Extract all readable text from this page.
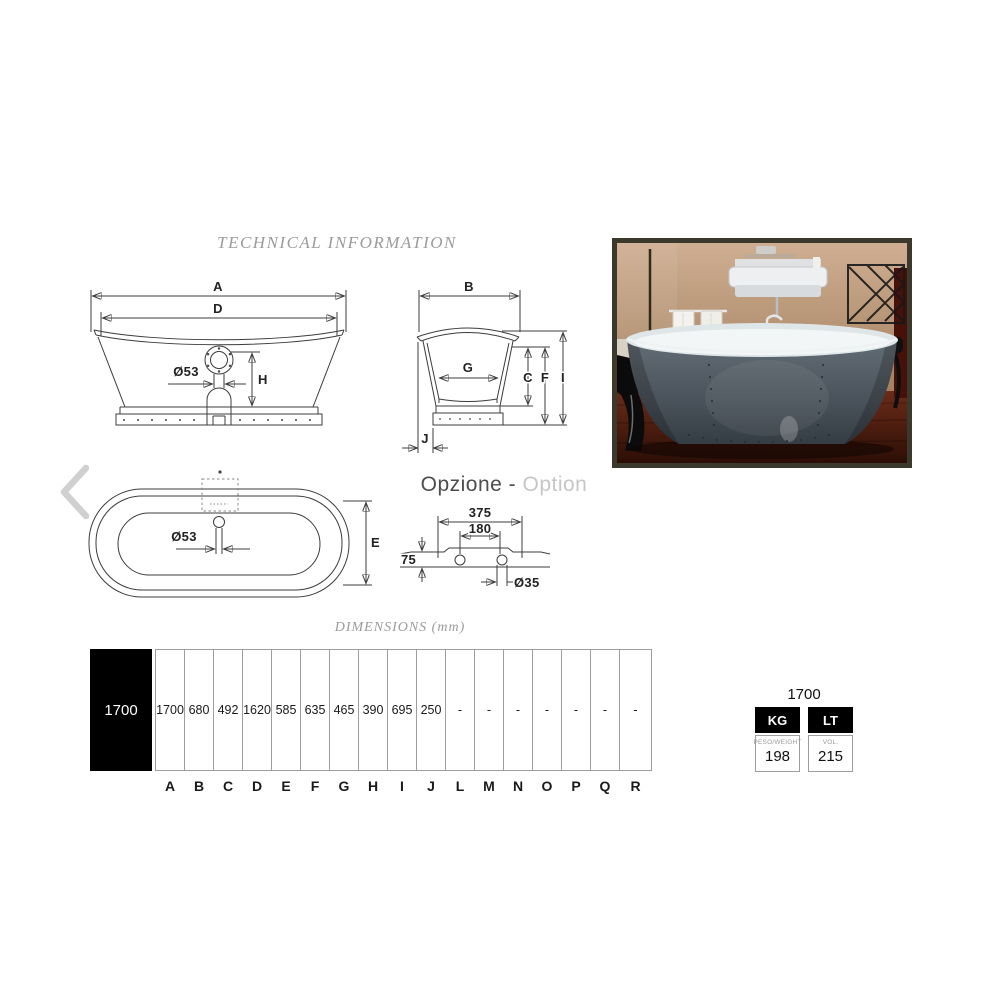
TECHNICAL INFORMATION
A
D
Ø53
H
B
G
C F I
J
Ø53	E
375
180
75
Ø35
Opzione - Option
DIMENSIONS (mm)
1700 1700
A
680
B
492
C
1620
D
585
E
635
F
465
G
390
H
695
I
250
J
-
L
-
M
-
N
-
O
-
P
-
Q
-
R
1700
KG
PESO/WEIGHT
198
LT
VOL.
215
